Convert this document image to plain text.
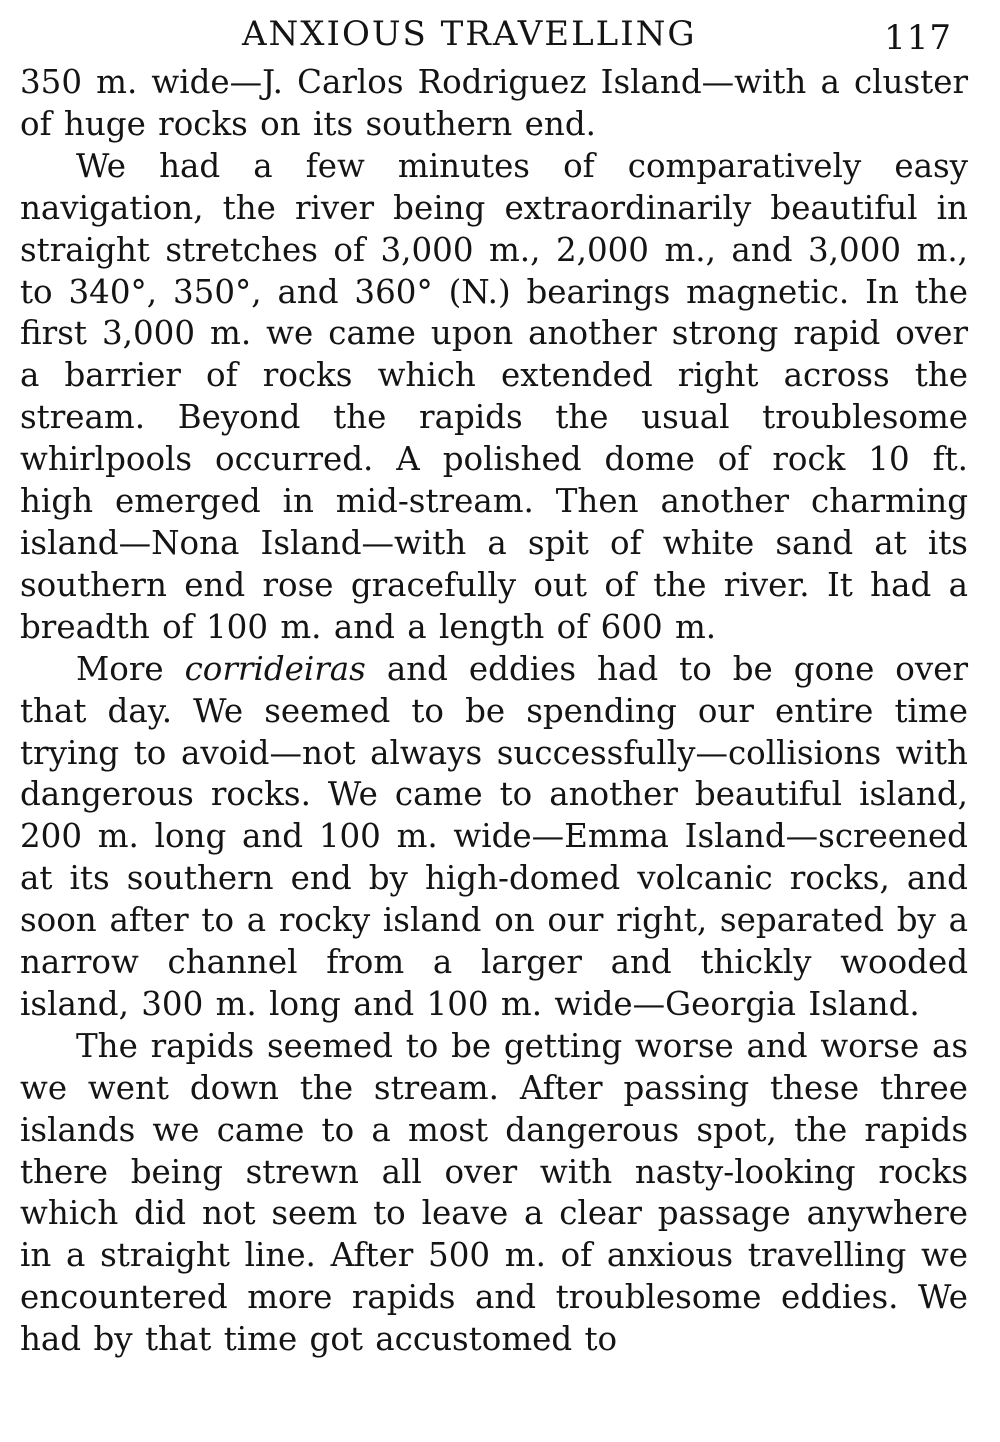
ANXIOUS TRAVELLING	117

350 m. wide—J. Carlos Rodriguez Island—with a cluster of huge rocks on its southern end.

We had a few minutes of comparatively easy navigation, the river being extraordinarily beautiful in straight stretches of 3,000 m., 2,000 m., and 3,000 m., to 340°, 350°, and 360° (N.) bearings magnetic. In the first 3,000 m. we came upon another strong rapid over a barrier of rocks which extended right across the stream. Beyond the rapids the usual troublesome whirlpools occurred. A polished dome of rock 10 ft. high emerged in mid-stream. Then another charming island—Nona Island—with a spit of white sand at its southern end rose gracefully out of the river. It had a breadth of 100 m. and a length of 600 m.

More corrideiras and eddies had to be gone over that day. We seemed to be spending our entire time trying to avoid—not always successfully—collisions with dangerous rocks. We came to another beautiful island, 200 m. long and 100 m. wide—Emma Island—screened at its southern end by high-domed volcanic rocks, and soon after to a rocky island on our right, separated by a narrow channel from a larger and thickly wooded island, 300 m. long and 100 m. wide—Georgia Island.

The rapids seemed to be getting worse and worse as we went down the stream. After passing these three islands we came to a most dangerous spot, the rapids there being strewn all over with nasty-looking rocks which did not seem to leave a clear passage anywhere in a straight line. After 500 m. of anxious travelling we encountered more rapids and troublesome eddies. We had by that time got accustomed to
